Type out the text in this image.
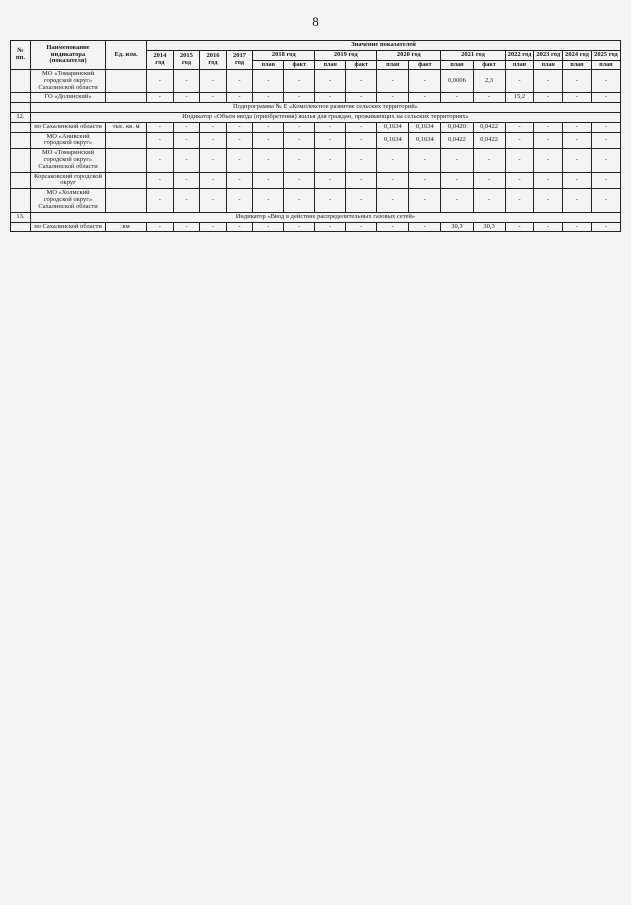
8
№ пп.	Наименование индикатора (показателя)	Ед. изм.	Значение показателей															
			2014 год	2015 год	2016 год	2017 год	2018 год		2019 год		2020 год		2021 год		2022 год	2023 год	2024 год	2025 год
							план	факт	план	факт	план	факт	план	факт	план	план	план	план
	МО «Томаринский городской округ» Сахалинской области		-	-	-	-	-	-	-	-	-	-	0,0006	2,3	-	-	-	-
	ГО «Долинский»		-	-	-	-	-	-	-	-	-	-	-	-	15,2	-	-	-
	Подпрограмма № Е «Комплексное развитие сельских территорий»																	
12.	Индикатор «Объем ввода (приобретения) жилья для граждан, проживающих на сельских территориях»																	
	по Сахалинской области	тыс. кв. м	-	-	-	-	-	-	-	-	0,1634	0,1634	0,0420	0,0422	-	-	-	-
	МО «Анивский городской округ»		-	-	-	-	-	-	-	-	0,1634	0,1634	0,0422	0,0422	-	-	-	-
	МО «Томаринский городской округ» Сахалинской области		-	-	-	-	-	-	-	-	-	-	-	-	-	-	-	-
	Корсаковский городской округ		-	-	-	-	-	-	-	-	-	-	-	-	-	-	-	-
	МО «Холмский городской округ» Сахалинской области		-	-	-	-	-	-	-	-	-	-	-	-	-	-	-	-
13.	Индикатор «Ввод в действие распределительных газовых сетей»																	
	по Сахалинской области	км	-	-	-	-	-	-	-	-	-	-	30,3	30,3	-	-	-	-
